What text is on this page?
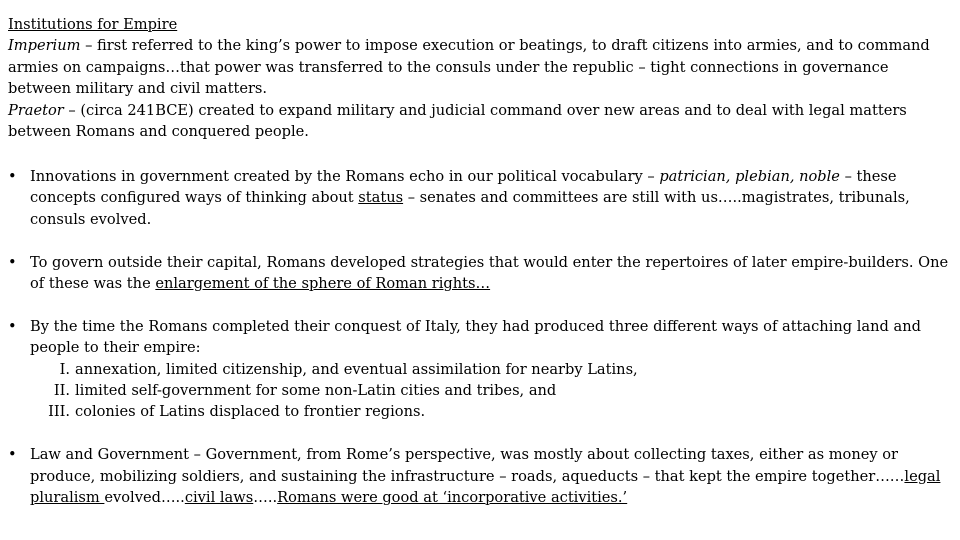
Institutions for Empire

Imperium – first referred to the king’s power to impose execution or beatings, to draft citizens into armies, and to command armies on campaigns…that power was transferred to the consuls under the republic – tight connections in governance between military and civil matters.

Praetor – (circa 241BCE) created to expand military and judicial command over new areas and to deal with legal matters between Romans and conquered people.

• Innovations in government created by the Romans echo in our political vocabulary – patrician, plebian, noble – these concepts configured ways of thinking about status – senates and committees are still with us…..magistrates, tribunals, consuls evolved.
• To govern outside their capital, Romans developed strategies that would enter the repertoires of later empire-builders. One of these was the enlargement of the sphere of Roman rights…
• By the time the Romans completed their conquest of Italy, they had produced three different ways of attaching land and people to their empire:
I. annexation, limited citizenship, and eventual assimilation for nearby Latins,
II. limited self-government for some non-Latin cities and tribes, and
III. colonies of Latins displaced to frontier regions.
• Law and Government – Government, from Rome’s perspective, was mostly about collecting taxes, either as money or produce, mobilizing soldiers, and sustaining the infrastructure – roads, aqueducts – that kept the empire together……legal pluralism evolved…..civil laws…..Romans were good at ‘incorporative activities.’
